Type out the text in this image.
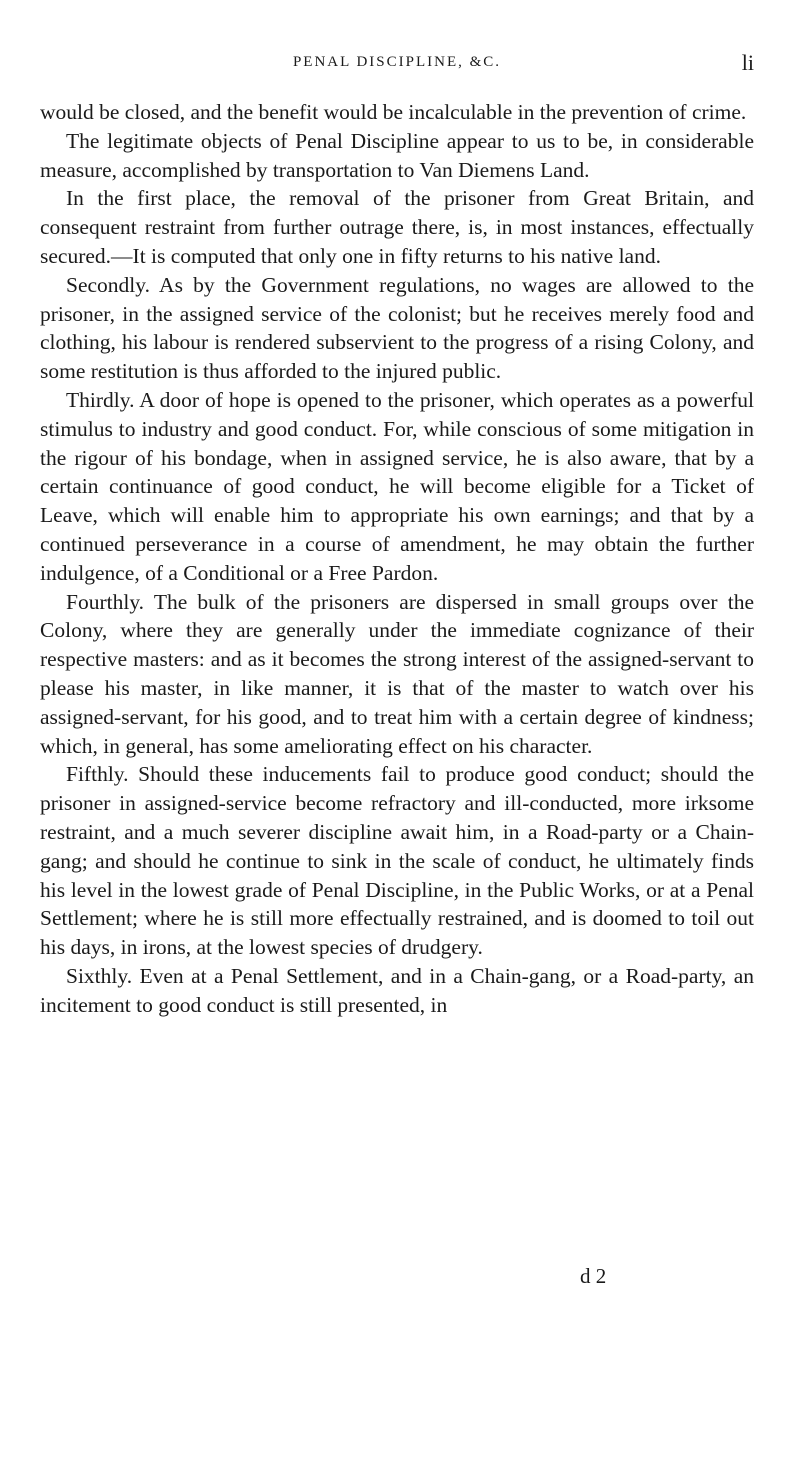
PENAL DISCIPLINE, &C.	li

would be closed, and the benefit would be incalculable in the prevention of crime.

The legitimate objects of Penal Discipline appear to us to be, in considerable measure, accomplished by transportation to Van Diemens Land.

In the first place, the removal of the prisoner from Great Britain, and consequent restraint from further outrage there, is, in most instances, effectually secured.—It is computed that only one in fifty returns to his native land.

Secondly. As by the Government regulations, no wages are allowed to the prisoner, in the assigned service of the colonist; but he receives merely food and clothing, his labour is rendered subservient to the progress of a rising Colony, and some restitution is thus afforded to the injured public.

Thirdly. A door of hope is opened to the prisoner, which operates as a powerful stimulus to industry and good conduct. For, while conscious of some mitigation in the rigour of his bondage, when in assigned service, he is also aware, that by a certain continuance of good conduct, he will become eligible for a Ticket of Leave, which will enable him to appropriate his own earnings; and that by a continued perseverance in a course of amendment, he may obtain the further indulgence, of a Conditional or a Free Pardon.

Fourthly. The bulk of the prisoners are dispersed in small groups over the Colony, where they are generally under the immediate cognizance of their respective masters: and as it becomes the strong interest of the assigned-servant to please his master, in like manner, it is that of the master to watch over his assigned-servant, for his good, and to treat him with a certain degree of kindness; which, in general, has some ameliorating effect on his character.

Fifthly. Should these inducements fail to produce good conduct; should the prisoner in assigned-service become refractory and ill-conducted, more irksome restraint, and a much severer discipline await him, in a Road-party or a Chain-gang; and should he continue to sink in the scale of conduct, he ultimately finds his level in the lowest grade of Penal Discipline, in the Public Works, or at a Penal Settlement; where he is still more effectually restrained, and is doomed to toil out his days, in irons, at the lowest species of drudgery.

Sixthly. Even at a Penal Settlement, and in a Chain-gang, or a Road-party, an incitement to good conduct is still presented, in

d 2
